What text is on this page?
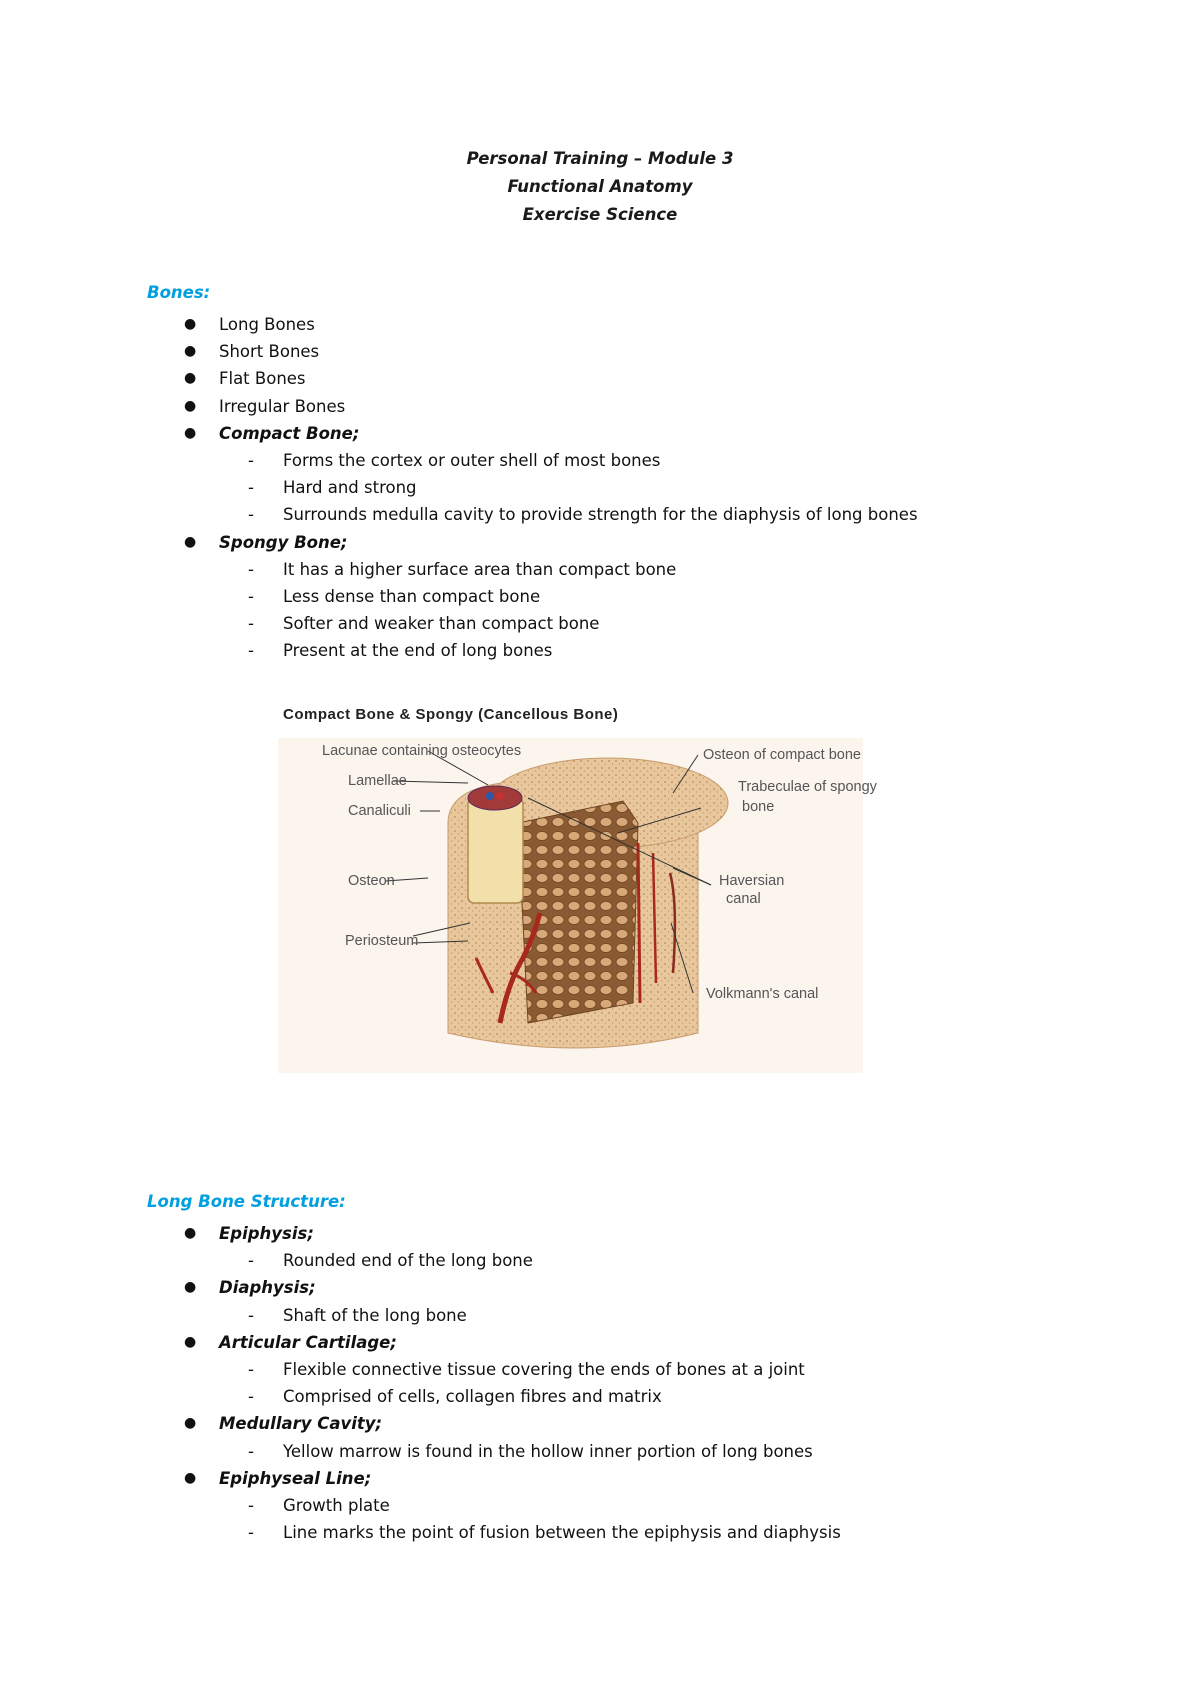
Personal Training – Module 3
Functional Anatomy
Exercise Science
Bones:
● Long Bones
● Short Bones
● Flat Bones
● Irregular Bones
● Compact Bone;
- Forms the cortex or outer shell of most bones
- Hard and strong
- Surrounds medulla cavity to provide strength for the diaphysis of long bones
● Spongy Bone;
- It has a higher surface area than compact bone
- Less dense than compact bone
- Softer and weaker than compact bone
- Present at the end of long bones
Compact Bone & Spongy (Cancellous Bone)
Lacunae containing osteocytes
Lamellae
Canaliculi
Osteon
Periosteum
Osteon of compact bone
Trabeculae of spongy
bone
Haversian
canal
Volkmann's canal
Long Bone Structure:
● Epiphysis;
- Rounded end of the long bone
● Diaphysis;
- Shaft of the long bone
● Articular Cartilage;
- Flexible connective tissue covering the ends of bones at a joint
- Comprised of cells, collagen fibres and matrix
● Medullary Cavity;
- Yellow marrow is found in the hollow inner portion of long bones
● Epiphyseal Line;
- Growth plate
- Line marks the point of fusion between the epiphysis and diaphysis
